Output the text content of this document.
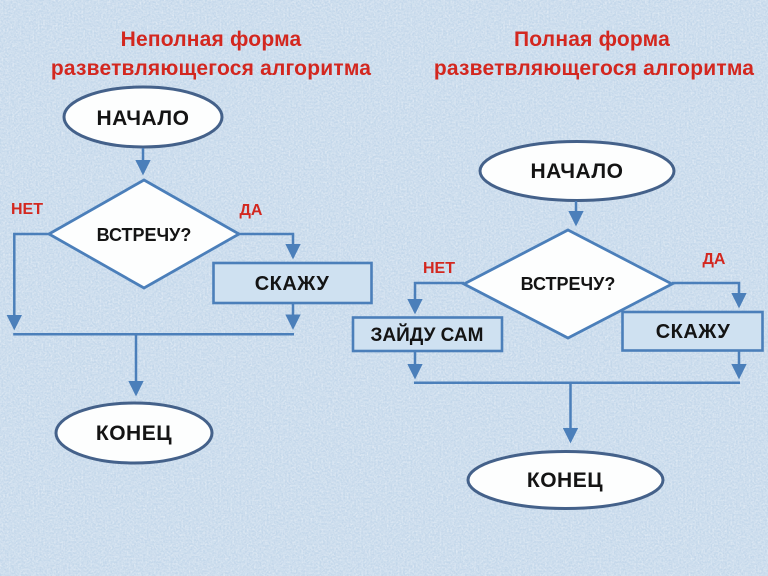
Неполная форма
разветвляющегося алгоритма
НАЧАЛО
ВСТРЕЧУ?
НЕТ	ДА
СКАЖУ
КОНЕЦ
Полная форма
разветвляющегося алгоритма
НАЧАЛО
ВСТРЕЧУ?
НЕТ
ДА
ЗАЙДУ САМ	СКАЖУ
КОНЕЦ
